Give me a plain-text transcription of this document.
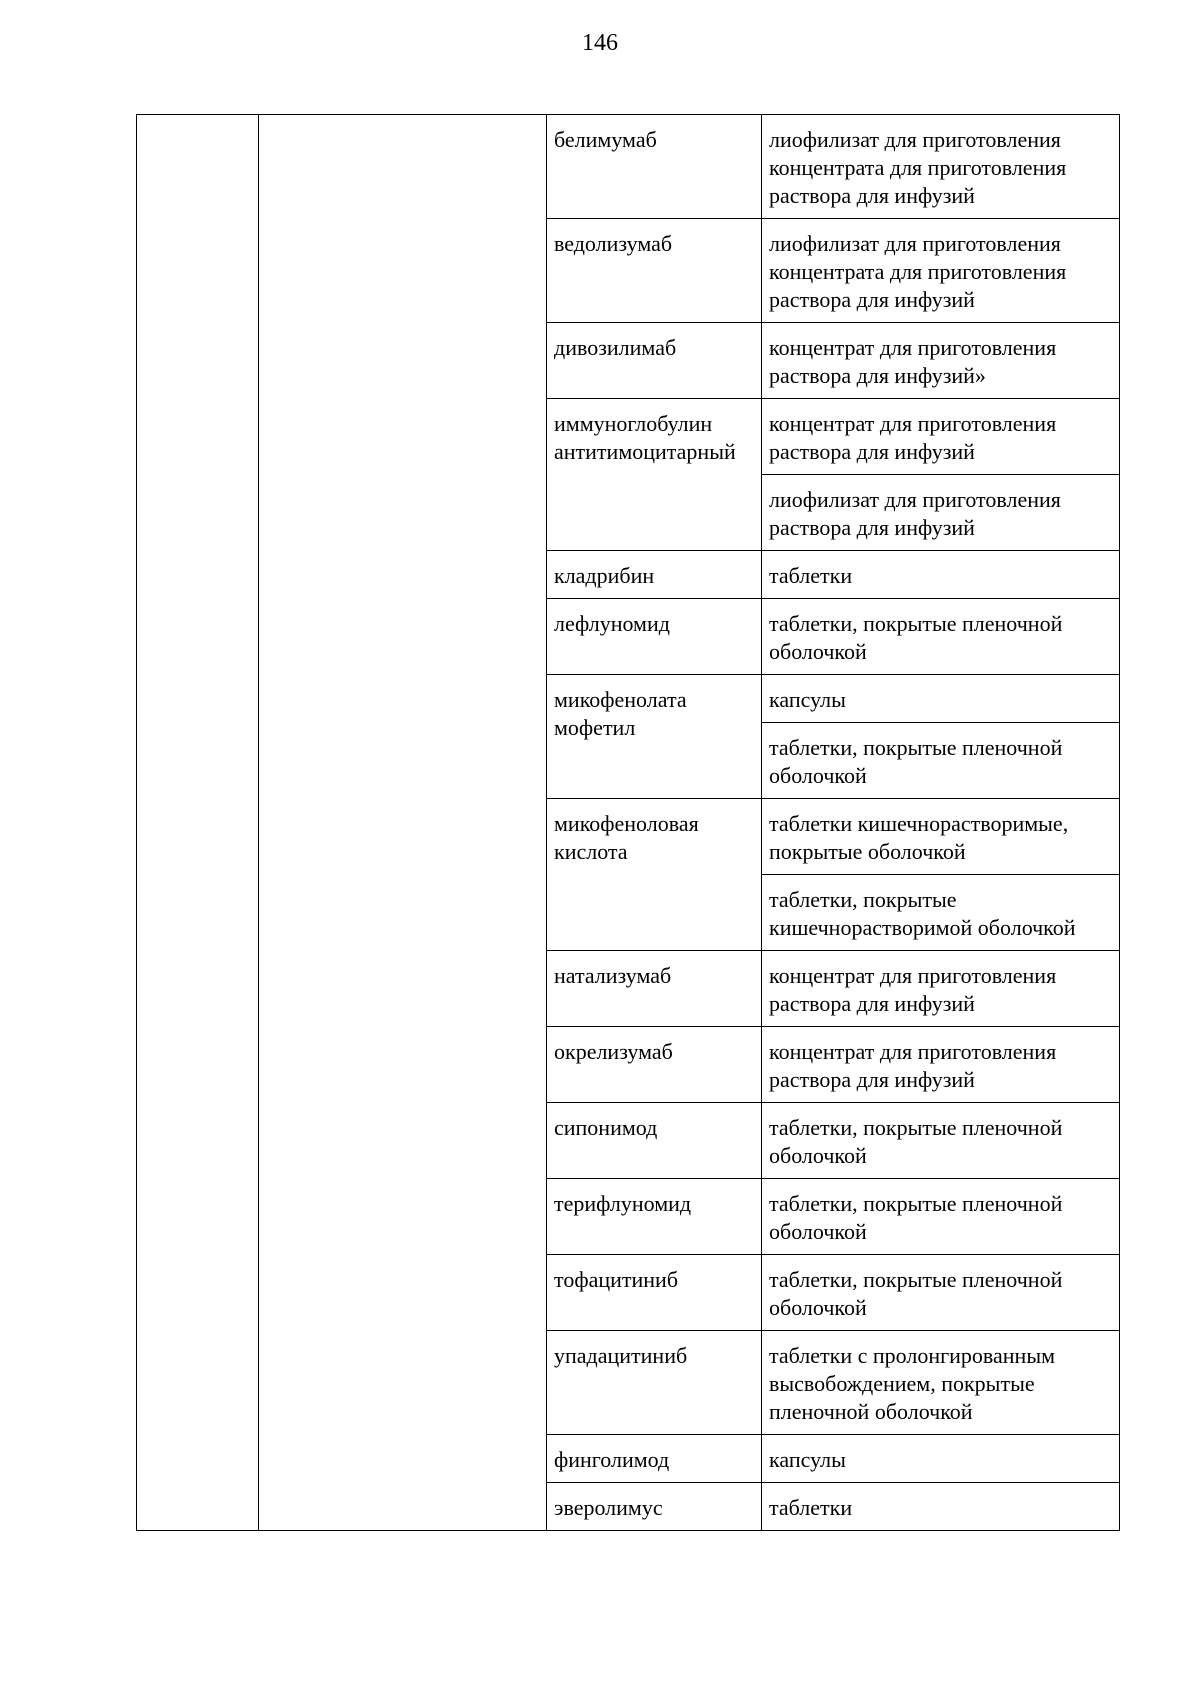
146
		белимумаб	лиофилизат для приготовления концентрата для приготовления раствора для инфузий
		ведолизумаб	лиофилизат для приготовления концентрата для приготовления раствора для инфузий
		дивозилимаб	концентрат для приготовления раствора для инфузий»
		иммуноглобулин антитимоцитарный	концентрат для приготовления раствора для инфузий
			лиофилизат для приготовления раствора для инфузий
		кладрибин	таблетки
		лефлуномид	таблетки, покрытые пленочной оболочкой
		микофенолата мофетил	капсулы
			таблетки, покрытые пленочной оболочкой
		микофеноловая кислота	таблетки кишечнорастворимые, покрытые оболочкой
			таблетки, покрытые кишечнорастворимой оболочкой
		натализумаб	концентрат для приготовления раствора для инфузий
		окрелизумаб	концентрат для приготовления раствора для инфузий
		сипонимод	таблетки, покрытые пленочной оболочкой
		терифлуномид	таблетки, покрытые пленочной оболочкой
		тофацитиниб	таблетки, покрытые пленочной оболочкой
		упадацитиниб	таблетки с пролонгированным высвобождением, покрытые пленочной оболочкой
		финголимод	капсулы
		эверолимус	таблетки
